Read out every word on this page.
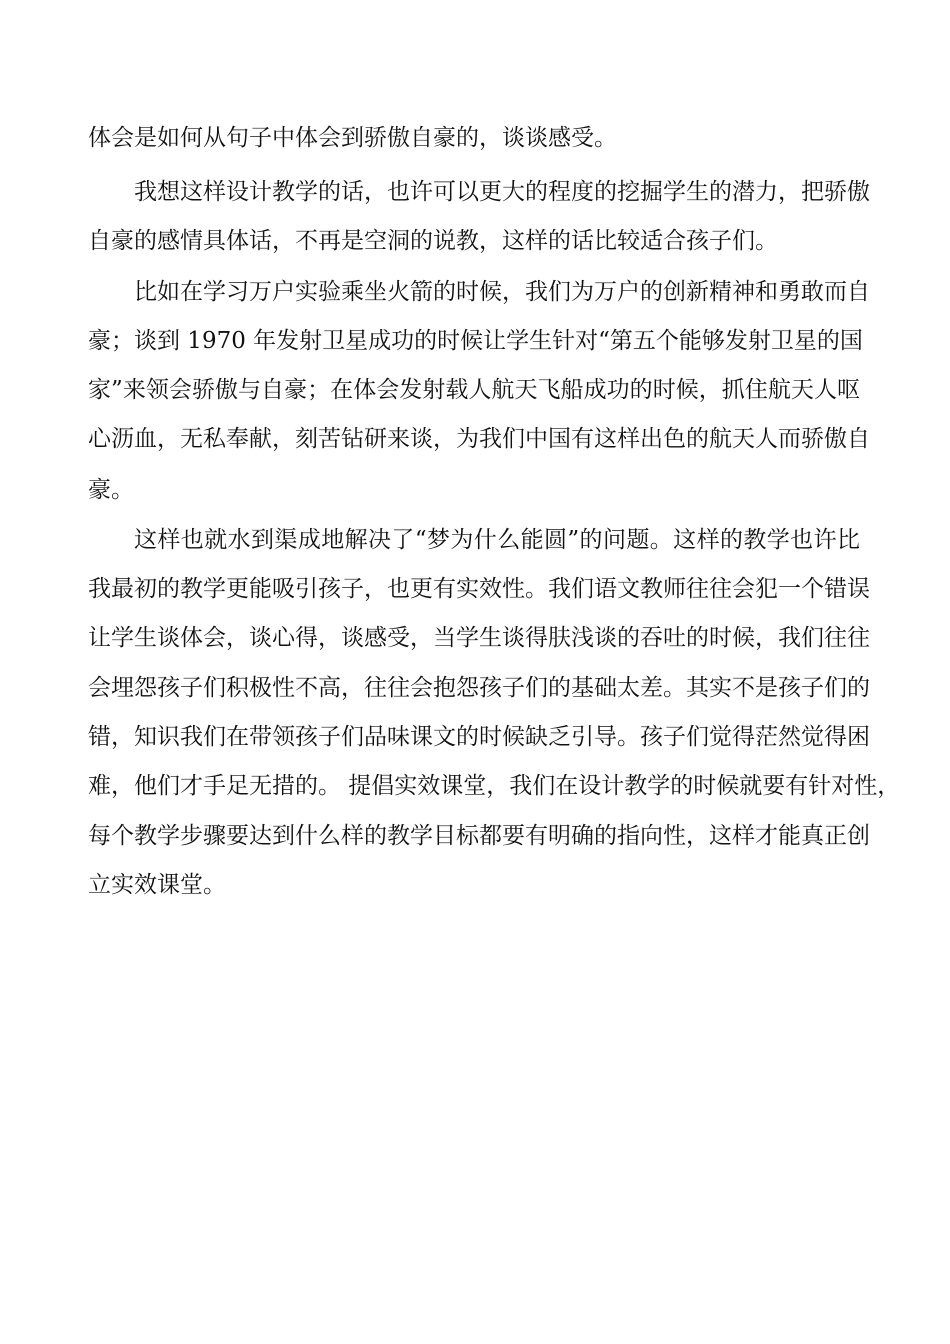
体会是如何从句子中体会到骄傲自豪的，谈谈感受。
我想这样设计教学的话，也许可以更大的程度的挖掘学生的潜力，把骄傲
自豪的感情具体话，不再是空洞的说教，这样的话比较适合孩子们。
比如在学习万户实验乘坐火箭的时候，我们为万户的创新精神和勇敢而自
豪；谈到 1970 年发射卫星成功的时候让学生针对“第五个能够发射卫星的国
家”来领会骄傲与自豪；在体会发射载人航天飞船成功的时候，抓住航天人呕
心沥血，无私奉献，刻苦钻研来谈，为我们中国有这样出色的航天人而骄傲自
豪。
这样也就水到渠成地解决了“梦为什么能圆”的问题。这样的教学也许比
我最初的教学更能吸引孩子，也更有实效性。我们语文教师往往会犯一个错误
让学生谈体会，谈心得，谈感受，当学生谈得肤浅谈的吞吐的时候，我们往往
会埋怨孩子们积极性不高，往往会抱怨孩子们的基础太差。其实不是孩子们的
错，知识我们在带领孩子们品味课文的时候缺乏引导。孩子们觉得茫然觉得困
难，他们才手足无措的。 提倡实效课堂，我们在设计教学的时候就要有针对性，
每个教学步骤要达到什么样的教学目标都要有明确的指向性，这样才能真正创
立实效课堂。
